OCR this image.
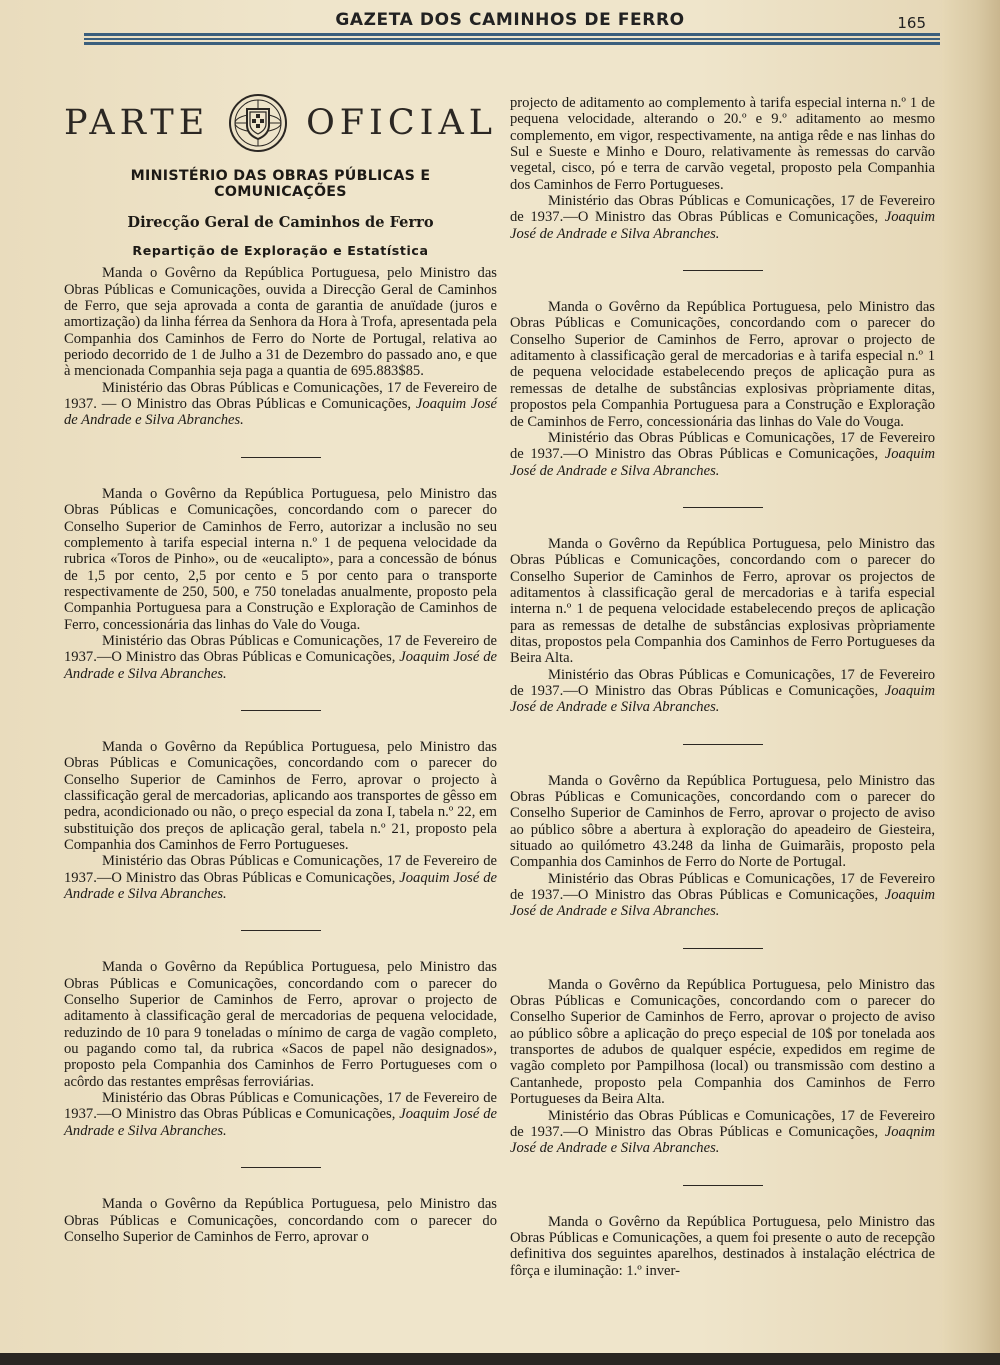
GAZETA DOS CAMINHOS DE FERRO	165
PARTE	OFICIAL
MINISTÉRIO DAS OBRAS PÚBLICAS E COMUNICAÇÕES
Direcção Geral de Caminhos de Ferro
Repartição de Exploração e Estatística

Manda o Govêrno da República Portuguesa, pelo Ministro das Obras Públicas e Comunicações, ouvida a Direcção Geral de Caminhos de Ferro, que seja aprovada a conta de garantia de anuïdade (juros e amortização) da linha férrea da Senhora da Hora à Trofa, apresentada pela Companhia dos Caminhos de Ferro do Norte de Portugal, relativa ao periodo decorrido de 1 de Julho a 31 de Dezembro do passado ano, e que à mencionada Companhia seja paga a quantia de 695.883$85.

Ministério das Obras Públicas e Comunicações, 17 de Fevereiro de 1937. — O Ministro das Obras Públicas e Comunicações, Joaquim José de Andrade e Silva Abranches.

Manda o Govêrno da República Portuguesa, pelo Ministro das Obras Públicas e Comunicações, concordando com o parecer do Conselho Superior de Caminhos de Ferro, autorizar a inclusão no seu complemento à tarifa especial interna n.º 1 de pequena velocidade da rubrica «Toros de Pinho», ou de «eucalipto», para a concessão de bónus de 1,5 por cento, 2,5 por cento e 5 por cento para o transporte respectivamente de 250, 500, e 750 toneladas anualmente, proposto pela Companhia Portuguesa para a Construção e Exploração de Caminhos de Ferro, concessionária das linhas do Vale do Vouga.

Ministério das Obras Públicas e Comunicações, 17 de Fevereiro de 1937.—O Ministro das Obras Públicas e Comunicações, Joaquim José de Andrade e Silva Abranches.

Manda o Govêrno da República Portuguesa, pelo Ministro das Obras Públicas e Comunicações, concordando com o parecer do Conselho Superior de Caminhos de Ferro, aprovar o projecto à classificação geral de mercadorias, aplicando aos transportes de gêsso em pedra, acondicionado ou não, o preço especial da zona I, tabela n.º 22, em substituição dos preços de aplicação geral, tabela n.º 21, proposto pela Companhia dos Caminhos de Ferro Portugueses.

Ministério das Obras Públicas e Comunicações, 17 de Fevereiro de 1937.—O Ministro das Obras Públicas e Comunicações, Joaquim José de Andrade e Silva Abranches.

Manda o Govêrno da República Portuguesa, pelo Ministro das Obras Públicas e Comunicações, concordando com o parecer do Conselho Superior de Caminhos de Ferro, aprovar o projecto de aditamento à classificação geral de mercadorias de pequena velocidade, reduzindo de 10 para 9 toneladas o mínimo de carga de vagão completo, ou pagando como tal, da rubrica «Sacos de papel não designados», proposto pela Companhia dos Caminhos de Ferro Portugueses com o acôrdo das restantes emprêsas ferroviárias.

Ministério das Obras Públicas e Comunicações, 17 de Fevereiro de 1937.—O Ministro das Obras Públicas e Comunicações, Joaquim José de Andrade e Silva Abranches.

Manda o Govêrno da República Portuguesa, pelo Ministro das Obras Públicas e Comunicações, concordando com o parecer do Conselho Superior de Caminhos de Ferro, aprovar o

projecto de aditamento ao complemento à tarifa especial interna n.º 1 de pequena velocidade, alterando o 20.º e 9.º aditamento ao mesmo complemento, em vigor, respectivamente, na antiga rêde e nas linhas do Sul e Sueste e Minho e Douro, relativamente às remessas do carvão vegetal, cisco, pó e terra de carvão vegetal, proposto pela Companhia dos Caminhos de Ferro Portugueses.

Ministério das Obras Públicas e Comunicações, 17 de Fevereiro de 1937.—O Ministro das Obras Públicas e Comunicações, Joaquim José de Andrade e Silva Abranches.

Manda o Govêrno da República Portuguesa, pelo Ministro das Obras Públicas e Comunicações, concordando com o parecer do Conselho Superior de Caminhos de Ferro, aprovar o projecto de aditamento à classificação geral de mercadorias e à tarifa especial n.º 1 de pequena velocidade estabelecendo preços de aplicação pura as remessas de detalhe de substâncias explosivas pròpriamente ditas, propostos pela Companhia Portuguesa para a Construção e Exploração de Caminhos de Ferro, concessionária das linhas do Vale do Vouga.

Ministério das Obras Públicas e Comunicações, 17 de Fevereiro de 1937.—O Ministro das Obras Públicas e Comunicações, Joaquim José de Andrade e Silva Abranches.

Manda o Govêrno da República Portuguesa, pelo Ministro das Obras Públicas e Comunicações, concordando com o parecer do Conselho Superior de Caminhos de Ferro, aprovar os projectos de aditamentos à classificação geral de mercadorias e à tarifa especial interna n.º 1 de pequena velocidade estabelecendo preços de aplicação para as remessas de detalhe de substâncias explosivas pròpriamente ditas, propostos pela Companhia dos Caminhos de Ferro Portugueses da Beira Alta.

Ministério das Obras Públicas e Comunicações, 17 de Fevereiro de 1937.—O Ministro das Obras Públicas e Comunicações, Joaquim José de Andrade e Silva Abranches.

Manda o Govêrno da República Portuguesa, pelo Ministro das Obras Públicas e Comunicações, concordando com o parecer do Conselho Superior de Caminhos de Ferro, aprovar o projecto de aviso ao público sôbre a abertura à exploração do apeadeiro de Giesteira, situado ao quilómetro 43.248 da linha de Guimarãis, proposto pela Companhia dos Caminhos de Ferro do Norte de Portugal.

Ministério das Obras Públicas e Comunicações, 17 de Fevereiro de 1937.—O Ministro das Obras Públicas e Comunicações, Joaquim José de Andrade e Silva Abranches.

Manda o Govêrno da República Portuguesa, pelo Ministro das Obras Públicas e Comunicações, concordando com o parecer do Conselho Superior de Caminhos de Ferro, aprovar o projecto de aviso ao público sôbre a aplicação do preço especial de 10$ por tonelada aos transportes de adubos de qualquer espécie, expedidos em regime de vagão completo por Pampilhosa (local) ou transmissão com destino a Cantanhede, proposto pela Companhia dos Caminhos de Ferro Portugueses da Beira Alta.

Ministério das Obras Públicas e Comunicações, 17 de Fevereiro de 1937.—O Ministro das Obras Públicas e Comunicações, Joaqnim José de Andrade e Silva Abranches.

Manda o Govêrno da República Portuguesa, pelo Ministro das Obras Públicas e Comunicações, a quem foi presente o auto de recepção definitiva dos seguintes aparelhos, destinados à instalação eléctrica de fôrça e iluminação: 1.º inver-
